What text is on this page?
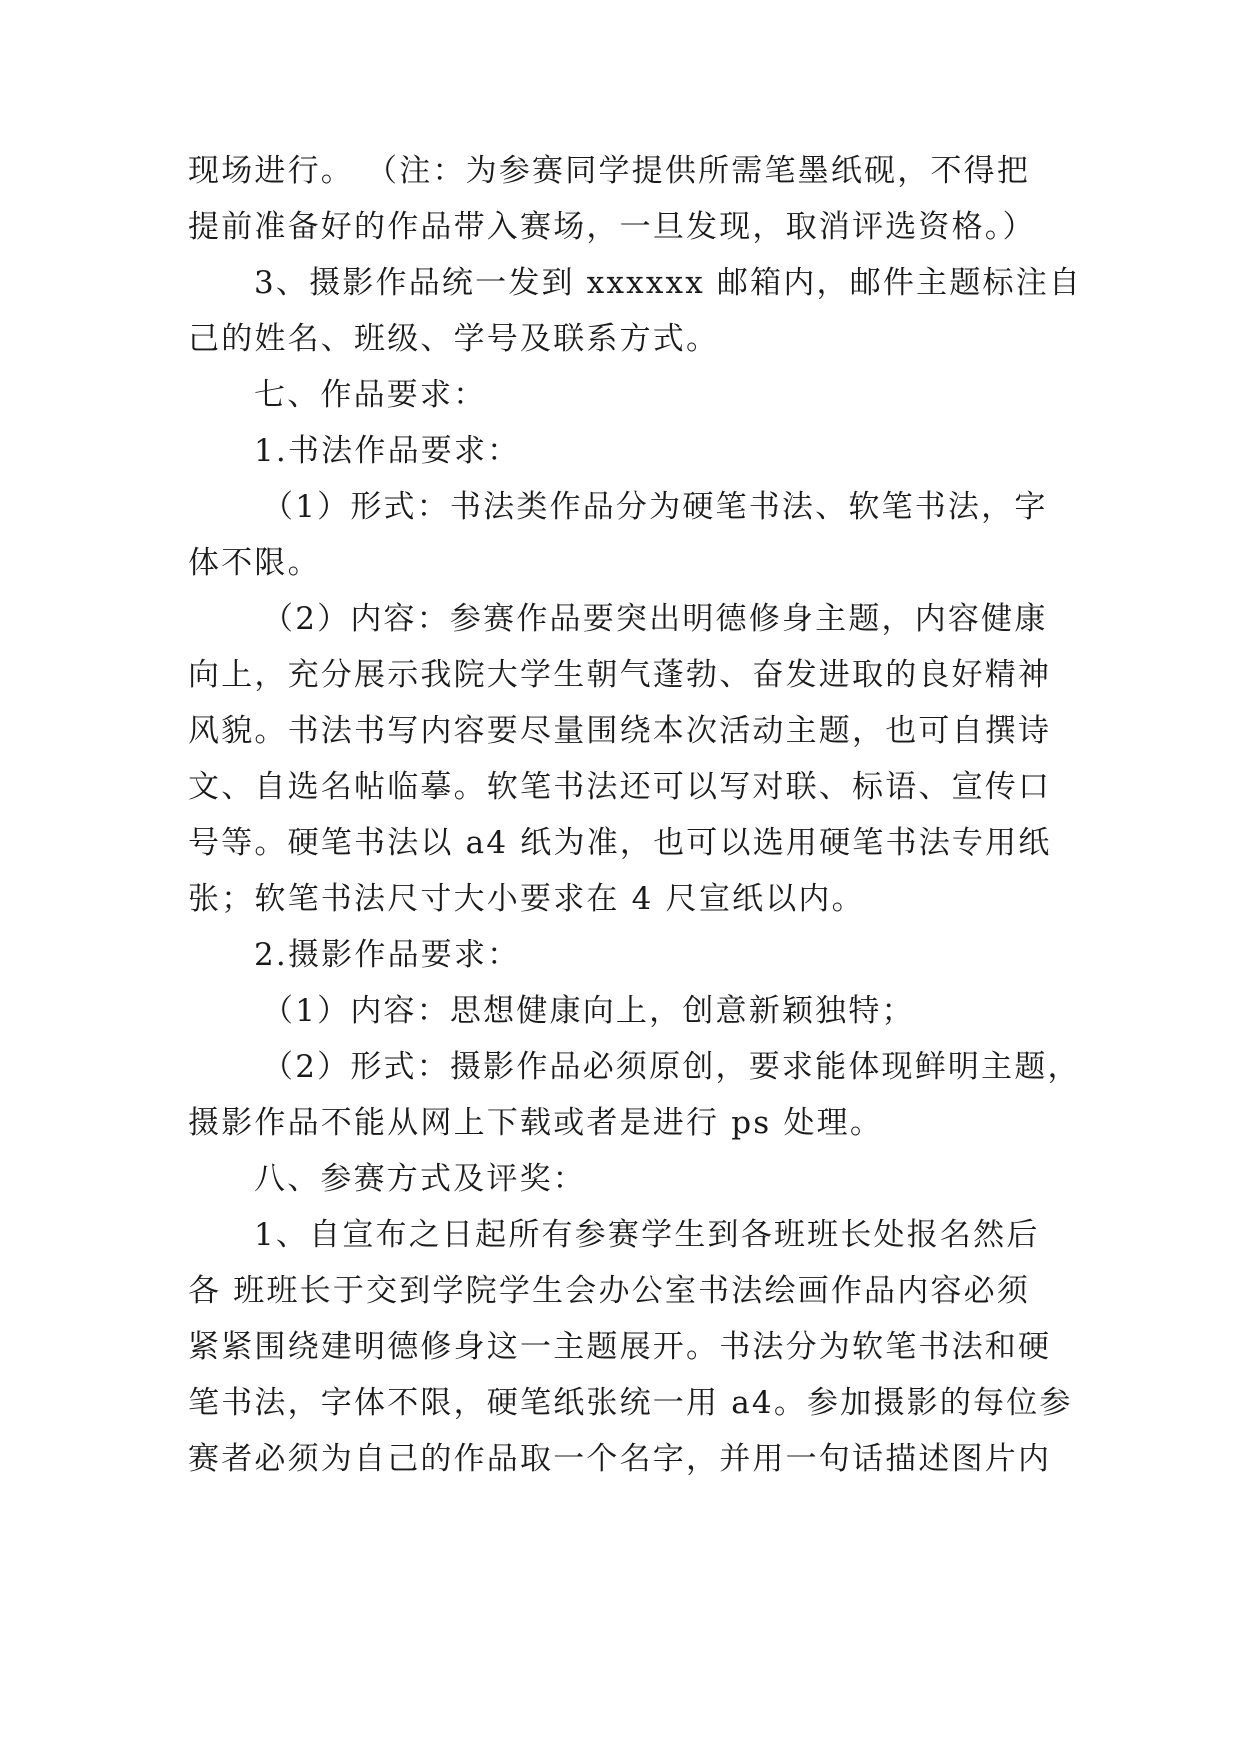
现场进行。 （注：为参赛同学提供所需笔墨纸砚，不得把
提前准备好的作品带入赛场，一旦发现，取消评选资格。）
3、摄影作品统一发到 xxxxxx 邮箱内，邮件主题标注自
己的姓名、班级、学号及联系方式。
七、作品要求：
1.书法作品要求：
（1）形式：书法类作品分为硬笔书法、软笔书法，字
体不限。
（2）内容：参赛作品要突出明德修身主题，内容健康
向上，充分展示我院大学生朝气蓬勃、奋发进取的良好精神
风貌。书法书写内容要尽量围绕本次活动主题，也可自撰诗
文、自选名帖临摹。软笔书法还可以写对联、标语、宣传口
号等。硬笔书法以 a4 纸为准，也可以选用硬笔书法专用纸
张；软笔书法尺寸大小要求在 4 尺宣纸以内。
2.摄影作品要求：
（1）内容：思想健康向上，创意新颖独特；
（2）形式：摄影作品必须原创，要求能体现鲜明主题，
摄影作品不能从网上下载或者是进行 ps 处理。
八、参赛方式及评奖：
1、自宣布之日起所有参赛学生到各班班长处报名然后
各 班班长于交到学院学生会办公室书法绘画作品内容必须
紧紧围绕建明德修身这一主题展开。书法分为软笔书法和硬
笔书法，字体不限，硬笔纸张统一用 a4。参加摄影的每位参
赛者必须为自己的作品取一个名字，并用一句话描述图片内
